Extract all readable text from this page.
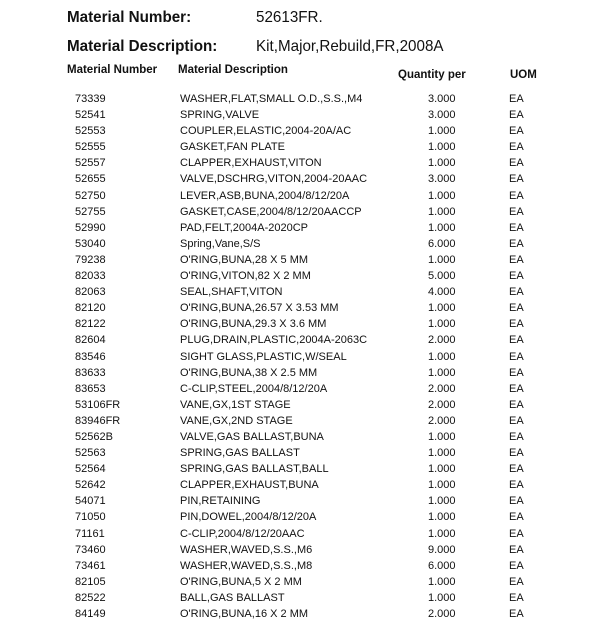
Material Number:	52613FR.
Material Description: Kit,Major,Rebuild,FR,2008A
Material Number Material Description	Quantity per	UOM
73339	WASHER,FLAT,SMALL O.D.,S.S.,M4	3.000	EA
52541	SPRING,VALVE	3.000	EA
52553	COUPLER,ELASTIC,2004-20A/AC	1.000	EA
52555	GASKET,FAN PLATE	1.000	EA
52557	CLAPPER,EXHAUST,VITON	1.000	EA
52655	VALVE,DSCHRG,VITON,2004-20AAC	3.000	EA
52750	LEVER,ASB,BUNA,2004/8/12/20A	1.000	EA
52755	GASKET,CASE,2004/8/12/20AACCP	1.000	EA
52990	PAD,FELT,2004A-2020CP	1.000	EA
53040	Spring,Vane,S/S	6.000	EA
79238	O'RING,BUNA,28 X 5 MM	1.000	EA
82033	O'RING,VITON,82 X 2 MM	5.000	EA
82063	SEAL,SHAFT,VITON	4.000	EA
82120	O'RING,BUNA,26.57 X 3.53 MM	1.000	EA
82122	O'RING,BUNA,29.3 X 3.6 MM	1.000	EA
82604	PLUG,DRAIN,PLASTIC,2004A-2063C	2.000	EA
83546	SIGHT GLASS,PLASTIC,W/SEAL	1.000	EA
83633	O'RING,BUNA,38 X 2.5 MM	1.000	EA
83653	C-CLIP,STEEL,2004/8/12/20A	2.000	EA
53106FR	VANE,GX,1ST STAGE	2.000	EA
83946FR	VANE,GX,2ND STAGE	2.000	EA
52562B	VALVE,GAS BALLAST,BUNA	1.000	EA
52563	SPRING,GAS BALLAST	1.000	EA
52564	SPRING,GAS BALLAST,BALL	1.000	EA
52642	CLAPPER,EXHAUST,BUNA	1.000	EA
54071	PIN,RETAINING	1.000	EA
71050	PIN,DOWEL,2004/8/12/20A	1.000	EA
71161	C-CLIP,2004/8/12/20AAC	1.000	EA
73460	WASHER,WAVED,S.S.,M6	9.000	EA
73461	WASHER,WAVED,S.S.,M8	6.000	EA
82105	O'RING,BUNA,5 X 2 MM	1.000	EA
82522	BALL,GAS BALLAST	1.000	EA
84149	O'RING,BUNA,16 X 2 MM	2.000	EA
